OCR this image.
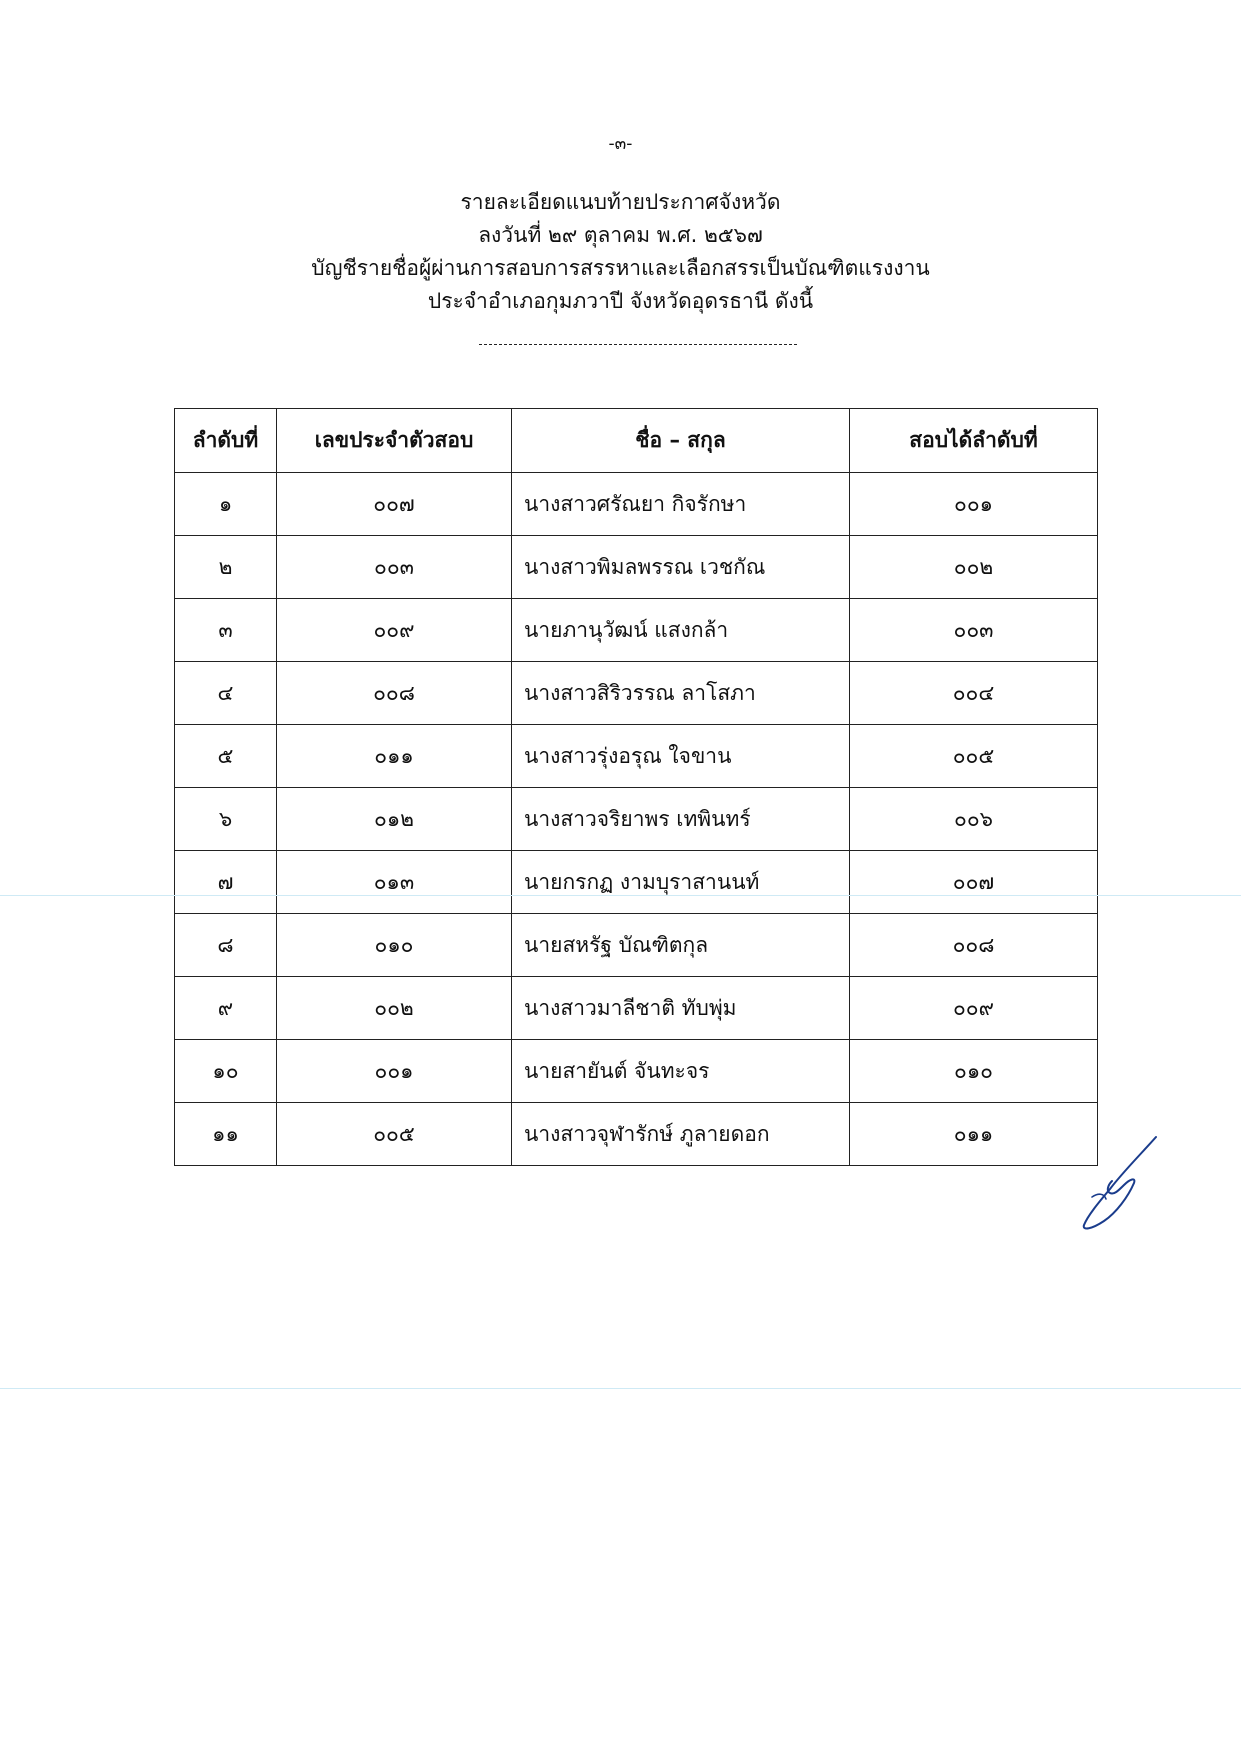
-๓-
รายละเอียดแนบท้ายประกาศจังหวัด
ลงวันที่ ๒๙ ตุลาคม พ.ศ. ๒๕๖๗
บัญชีรายชื่อผู้ผ่านการสอบการสรรหาและเลือกสรรเป็นบัณฑิตแรงงาน
ประจำอำเภอกุมภวาปี จังหวัดอุดรธานี ดังนี้
ลำดับที่	เลขประจำตัวสอบ	ชื่อ – สกุล	สอบได้ลำดับที่
๑	๐๐๗	นางสาวศรัณยา กิจรักษา	๐๐๑
๒	๐๐๓	นางสาวพิมลพรรณ เวชกัณ	๐๐๒
๓	๐๐๙	นายภานุวัฒน์ แสงกล้า	๐๐๓
๔	๐๐๘	นางสาวสิริวรรณ ลาโสภา	๐๐๔
๕	๐๑๑	นางสาวรุ่งอรุณ ใจขาน	๐๐๕
๖	๐๑๒	นางสาวจริยาพร เทพินทร์	๐๐๖
๗	๐๑๓	นายกรกฏ งามบุราสานนท์	๐๐๗
๘	๐๑๐	นายสหรัฐ บัณฑิตกุล	๐๐๘
๙	๐๐๒	นางสาวมาลีชาติ ทับพุ่ม	๐๐๙
๑๐	๐๐๑	นายสายันต์ จันทะจร	๐๑๐
๑๑	๐๐๕	นางสาวจุฬารักษ์ ภูลายดอก	๐๑๑
